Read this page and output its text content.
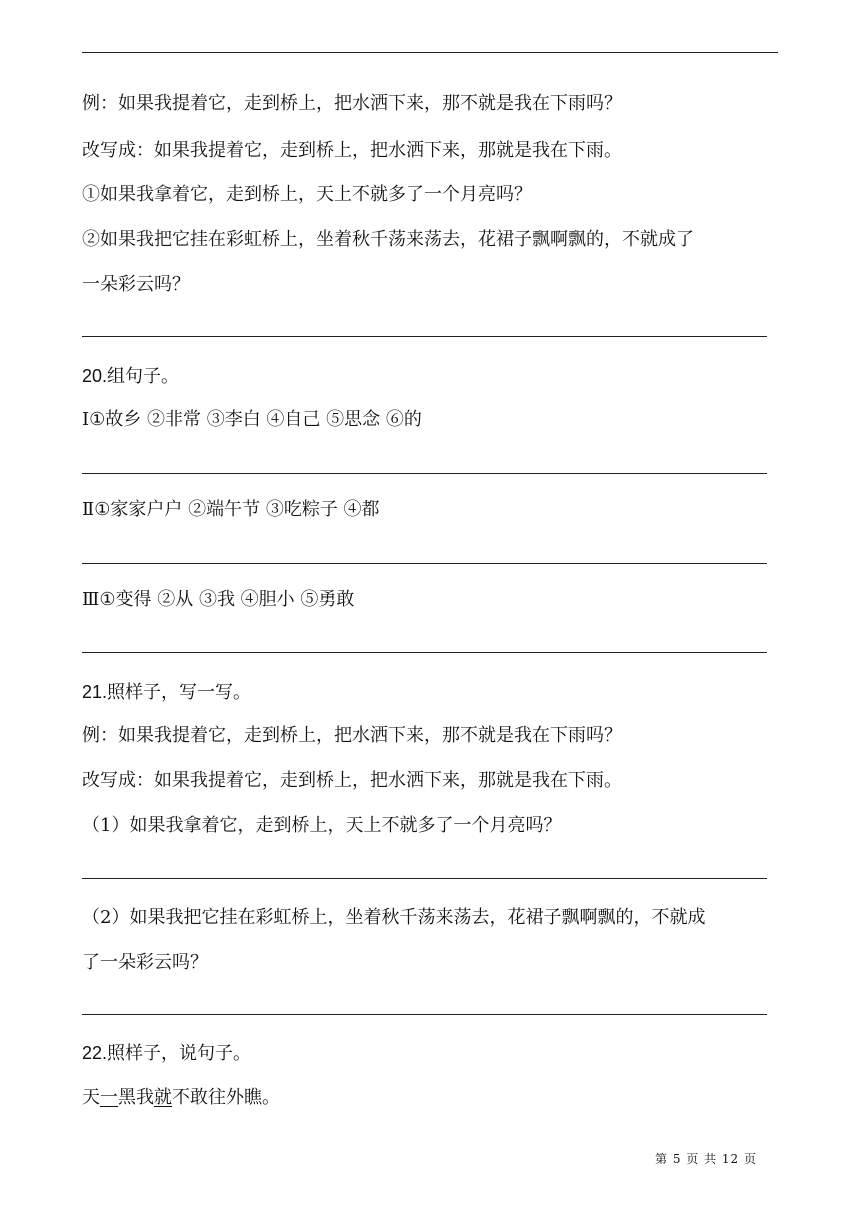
例：如果我提着它，走到桥上，把水洒下来，那不就是我在下雨吗？
改写成：如果我提着它，走到桥上，把水洒下来，那就是我在下雨。
①如果我拿着它，走到桥上，天上不就多了一个月亮吗？
②如果我把它挂在彩虹桥上，坐着秋千荡来荡去，花裙子飘啊飘的，不就成了
一朵彩云吗？
20.组句子。
Ⅰ①故乡 ②非常 ③李白 ④自己 ⑤思念 ⑥的
Ⅱ①家家户户 ②端午节 ③吃粽子 ④都
Ⅲ①变得 ②从 ③我 ④胆小 ⑤勇敢
21.照样子，写一写。
例：如果我提着它，走到桥上，把水洒下来，那不就是我在下雨吗？
改写成：如果我提着它，走到桥上，把水洒下来，那就是我在下雨。
（1）如果我拿着它，走到桥上，天上不就多了一个月亮吗？
（2）如果我把它挂在彩虹桥上，坐着秋千荡来荡去，花裙子飘啊飘的，不就成
了一朵彩云吗？
22.照样子，说句子。
天一黑我就不敢往外瞧。
第 5 页 共 12 页
